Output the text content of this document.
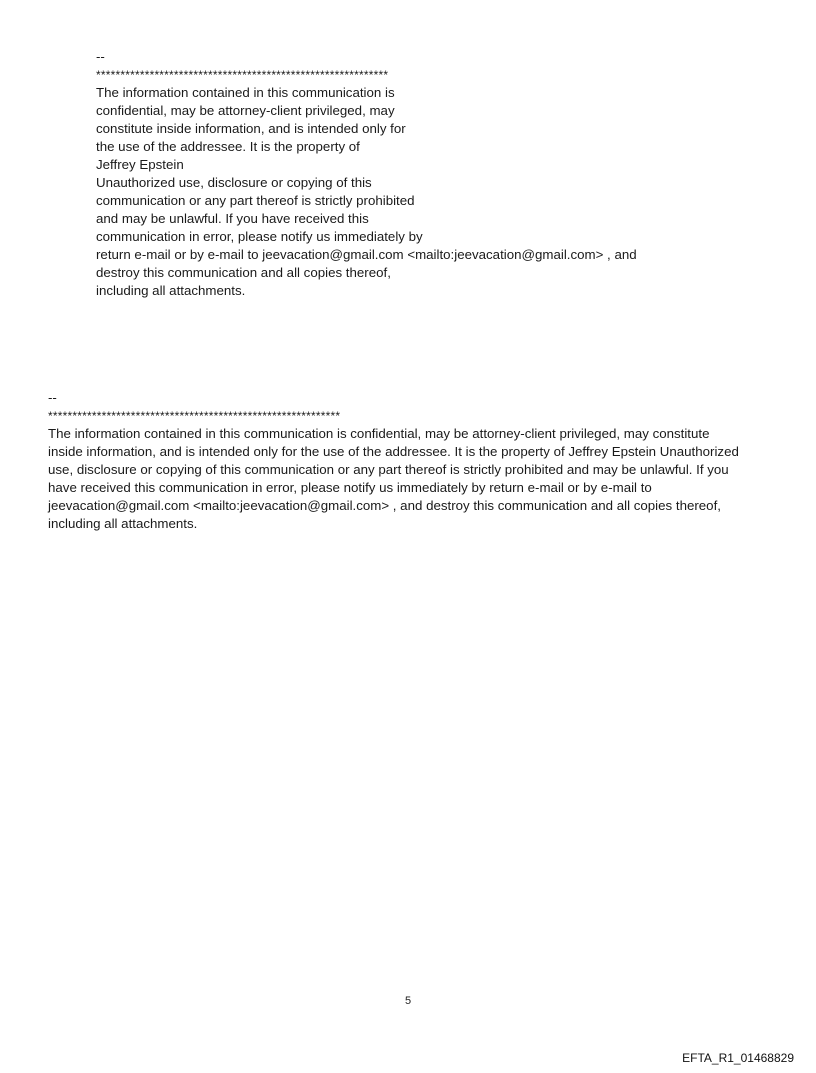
--
************************************************************
The information contained in this communication is
confidential, may be attorney-client privileged, may
constitute inside information, and is intended only for
the use of the addressee. It is the property of
Jeffrey Epstein
Unauthorized use, disclosure or copying of this
communication or any part thereof is strictly prohibited
and may be unlawful. If you have received this
communication in error, please notify us immediately by
return e-mail or by e-mail to jeevacation@gmail.com <mailto:jeevacation@gmail.com> , and
destroy this communication and all copies thereof,
including all attachments.
--
************************************************************
The information contained in this communication is confidential, may be attorney-client privileged, may constitute
inside information, and is intended only for the use of the addressee. It is the property of Jeffrey Epstein Unauthorized
use, disclosure or copying of this communication or any part thereof is strictly prohibited and may be unlawful. If you
have received this communication in error, please notify us immediately by return e-mail or by e-mail to
jeevacation@gmail.com <mailto:jeevacation@gmail.com> , and destroy this communication and all copies thereof,
including all attachments.
5
EFTA_R1_01468829
